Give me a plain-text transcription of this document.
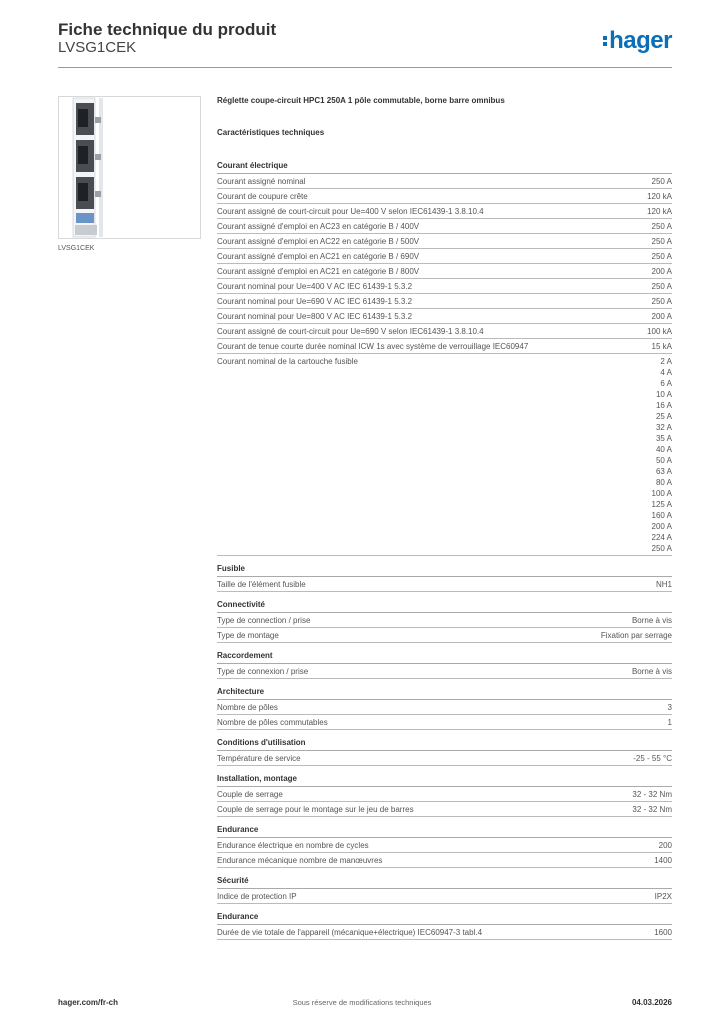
Fiche technique du produit
LVSG1CEK	hager
LVSG1CEK
Réglette coupe-circuit HPC1 250A 1 pôle commutable, borne barre omnibus
Caractéristiques techniques
Courant électrique
Courant assigné nominal	250 A
Courant de coupure crête	120 kA
Courant assigné de court-circuit pour Ue=400 V selon IEC61439-1 3.8.10.4	120 kA
Courant assigné d'emploi en AC23 en catégorie B / 400V	250 A
Courant assigné d'emploi en AC22 en catégorie B / 500V	250 A
Courant assigné d'emploi en AC21 en catégorie B / 690V	250 A
Courant assigné d'emploi en AC21 en catégorie B / 800V	200 A
Courant nominal pour Ue=400 V AC IEC 61439-1 5.3.2	250 A
Courant nominal pour Ue=690 V AC IEC 61439-1 5.3.2	250 A
Courant nominal pour Ue=800 V AC IEC 61439-1 5.3.2	200 A
Courant assigné de court-circuit pour Ue=690 V selon IEC61439-1 3.8.10.4	100 kA
Courant de tenue courte durée nominal ICW 1s avec système de verrouillage IEC60947	15 kA
Courant nominal de la cartouche fusible	2 A
4 A
6 A
10 A
16 A
25 A
32 A
35 A
40 A
50 A
63 A
80 A
100 A
125 A
160 A
200 A
224 A
250 A
Fusible
Taille de l'élément fusible	NH1
Connectivité
Type de connection / prise	Borne à vis
Type de montage	Fixation par serrage
Raccordement
Type de connexion / prise	Borne à vis
Architecture
Nombre de pôles	3
Nombre de pôles commutables	1
Conditions d'utilisation
Température de service	-25 - 55 °C
Installation, montage
Couple de serrage	32 - 32 Nm
Couple de serrage pour le montage sur le jeu de barres	32 - 32 Nm
Endurance
Endurance électrique en nombre de cycles	200
Endurance mécanique nombre de manœuvres	1400
Sécurité
Indice de protection IP	IP2X
Endurance
Durée de vie totale de l'appareil (mécanique+électrique) IEC60947-3 tabl.4	1600
hager.com/fr-ch	Sous réserve de modifications techniques	04.03.2026
